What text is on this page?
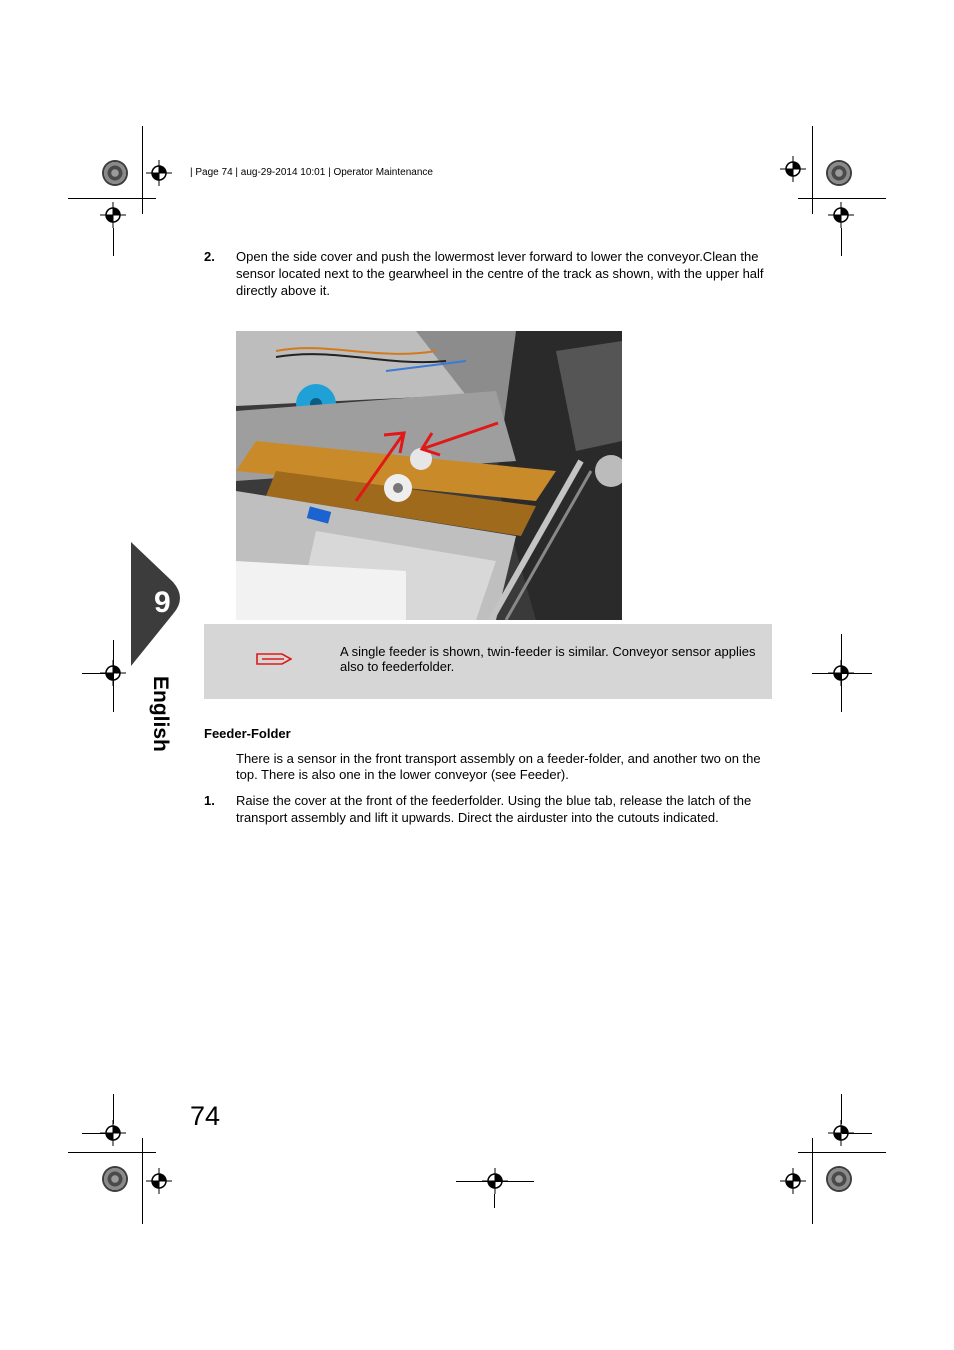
| Page 74 | aug-29-2014 10:01 | Operator Maintenance
2. Open the side cover and push the lowermost lever forward to lower the conveyor.Clean the sensor located next to the gearwheel in the centre of the track as shown, with the upper half directly above it.
A single feeder is shown, twin-feeder is similar. Conveyor sensor applies also to feederfolder.
Feeder-Folder
There is a sensor in the front transport assembly on a feeder-folder, and another two on the top. There is also one in the lower conveyor (see Feeder).
1. Raise the cover at the front of the feederfolder. Using the blue tab, release the latch of the transport assembly and lift it upwards. Direct the airduster into the cutouts indicated.
9
English
74
